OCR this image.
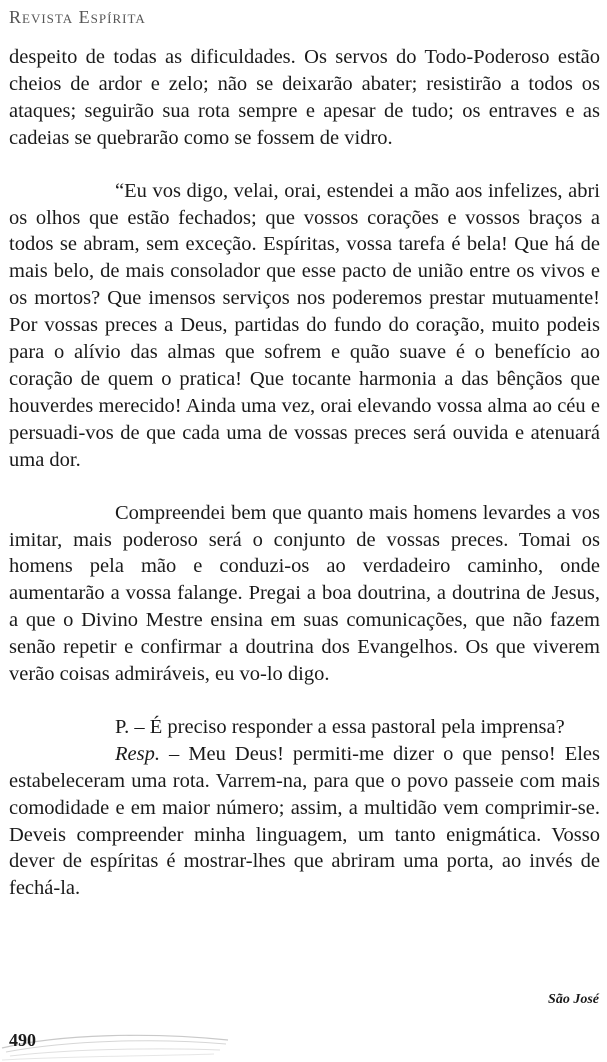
Revista Espírita

despeito de todas as dificuldades. Os servos do Todo-Poderoso estão cheios de ardor e zelo; não se deixarão abater; resistirão a todos os ataques; seguirão sua rota sempre e apesar de tudo; os entraves e as cadeias se quebrarão como se fossem de vidro.

“Eu vos digo, velai, orai, estendei a mão aos infelizes, abri os olhos que estão fechados; que vossos corações e vossos braços a todos se abram, sem exceção. Espíritas, vossa tarefa é bela! Que há de mais belo, de mais consolador que esse pacto de união entre os vivos e os mortos? Que imensos serviços nos poderemos prestar mutuamente! Por vossas preces a Deus, partidas do fundo do coração, muito podeis para o alívio das almas que sofrem e quão suave é o benefício ao coração de quem o pratica! Que tocante harmonia a das bênçãos que houverdes merecido! Ainda uma vez, orai elevando vossa alma ao céu e persuadi-vos de que cada uma de vossas preces será ouvida e atenuará uma dor.

Compreendei bem que quanto mais homens levardes a vos imitar, mais poderoso será o conjunto de vossas preces. Tomai os homens pela mão e conduzi-os ao verdadeiro caminho, onde aumentarão a vossa falange. Pregai a boa doutrina, a doutrina de Jesus, a que o Divino Mestre ensina em suas comunicações, que não fazem senão repetir e confirmar a doutrina dos Evangelhos. Os que viverem verão coisas admiráveis, eu vo-lo digo.

P. – É preciso responder a essa pastoral pela imprensa?

Resp. – Meu Deus! permiti-me dizer o que penso! Eles estabeleceram uma rota. Varrem-na, para que o povo passeie com mais comodidade e em maior número; assim, a multidão vem comprimir-se. Deveis compreender minha linguagem, um tanto enigmática. Vosso dever de espíritas é mostrar-lhes que abriram uma porta, ao invés de fechá-la.

São José
490
